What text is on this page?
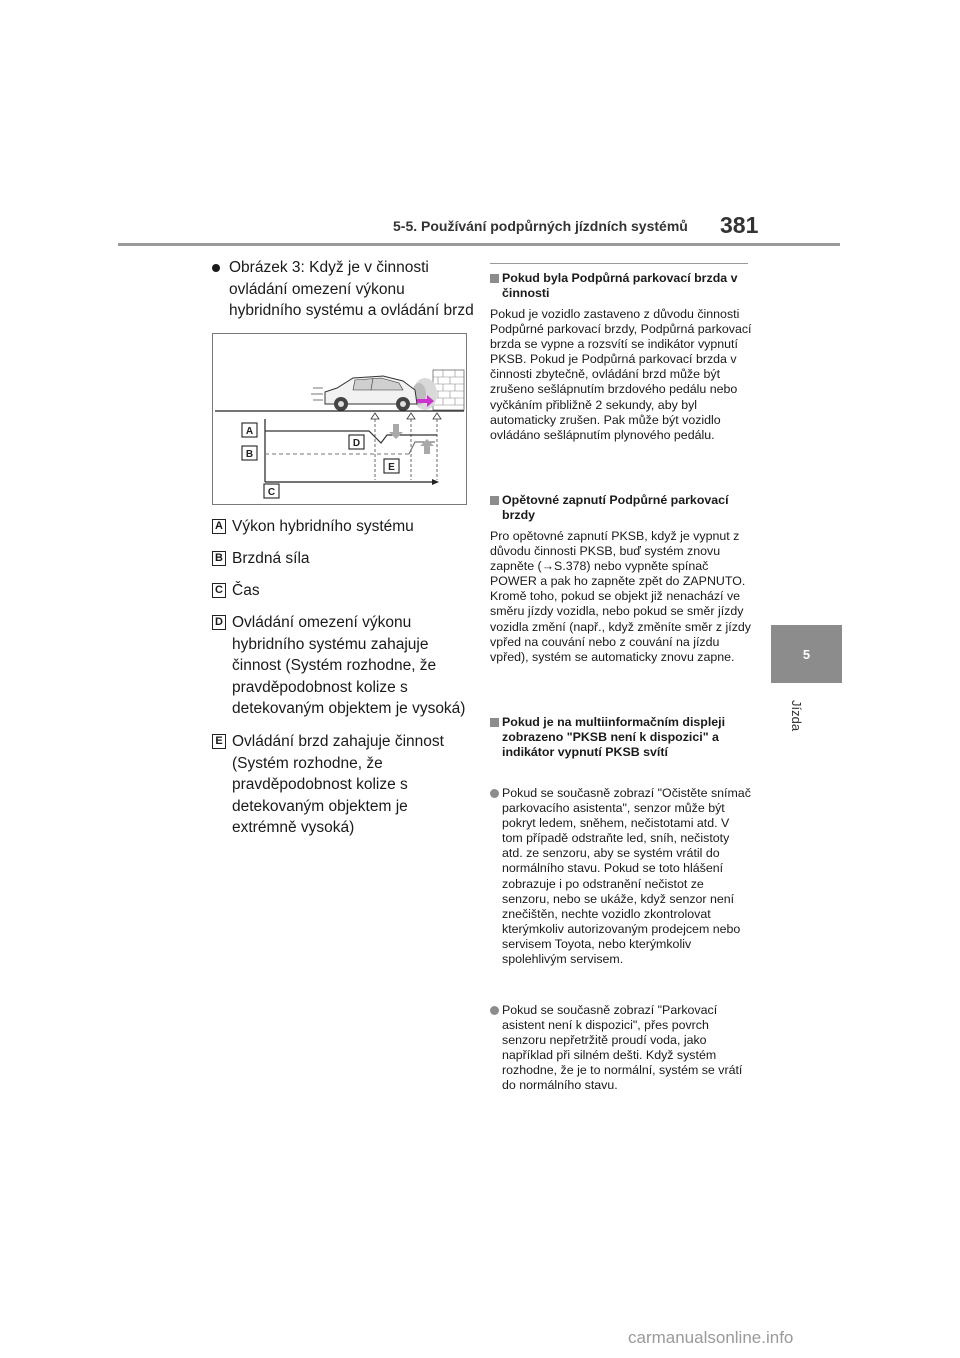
5-5. Používání podpůrných jízdních systémů 381
5
Jízda
Obrázek 3: Když je v činnosti ovládání omezení výkonu hybridního systému a ovládání brzd
A
B
C
D
E
A Výkon hybridního systému
B Brzdná síla
C Čas
D Ovládání omezení výkonu hybridního systému zahajuje činnost (Systém rozhodne, že pravděpodobnost kolize s detekovaným objektem je vysoká)
E Ovládání brzd zahajuje činnost (Systém rozhodne, že pravděpodobnost kolize s detekovaným objektem je extrémně vysoká)
Pokud byla Podpůrná parkovací brzda v činnosti
Pokud je vozidlo zastaveno z důvodu činnosti Podpůrné parkovací brzdy, Podpůrná parkovací brzda se vypne a rozsvítí se indikátor vypnutí PKSB. Pokud je Podpůrná parkovací brzda v činnosti zbytečně, ovládání brzd může být zrušeno sešlápnutím brzdového pedálu nebo vyčkáním přibližně 2 sekundy, aby byl automaticky zrušen. Pak může být vozidlo ovládáno sešlápnutím plynového pedálu.
Opětovné zapnutí Podpůrné parkovací brzdy
Pro opětovné zapnutí PKSB, když je vypnut z důvodu činnosti PKSB, buď systém znovu zapněte (→S.378) nebo vypněte spínač POWER a pak ho zapněte zpět do ZAPNUTO. Kromě toho, pokud se objekt již nenachází ve směru jízdy vozidla, nebo pokud se směr jízdy vozidla změní (např., když změníte směr z jízdy vpřed na couvání nebo z couvání na jízdu vpřed), systém se automaticky znovu zapne.
Pokud je na multiinformačním displeji zobrazeno "PKSB není k dispozici" a indikátor vypnutí PKSB svítí
Pokud se současně zobrazí "Očistěte snímač parkovacího asistenta", senzor může být pokryt ledem, sněhem, nečistotami atd. V tom případě odstraňte led, sníh, nečistoty atd. ze senzoru, aby se systém vrátil do normálního stavu. Pokud se toto hlášení zobrazuje i po odstranění nečistot ze senzoru, nebo se ukáže, když senzor není znečištěn, nechte vozidlo zkontrolovat kterýmkoliv autorizovaným prodejcem nebo servisem Toyota, nebo kterýmkoliv spolehlivým servisem.
Pokud se současně zobrazí "Parkovací asistent není k dispozici", přes povrch senzoru nepřetržitě proudí voda, jako například při silném dešti. Když systém rozhodne, že je to normální, systém se vrátí do normálního stavu.
carmanualsonline.info
